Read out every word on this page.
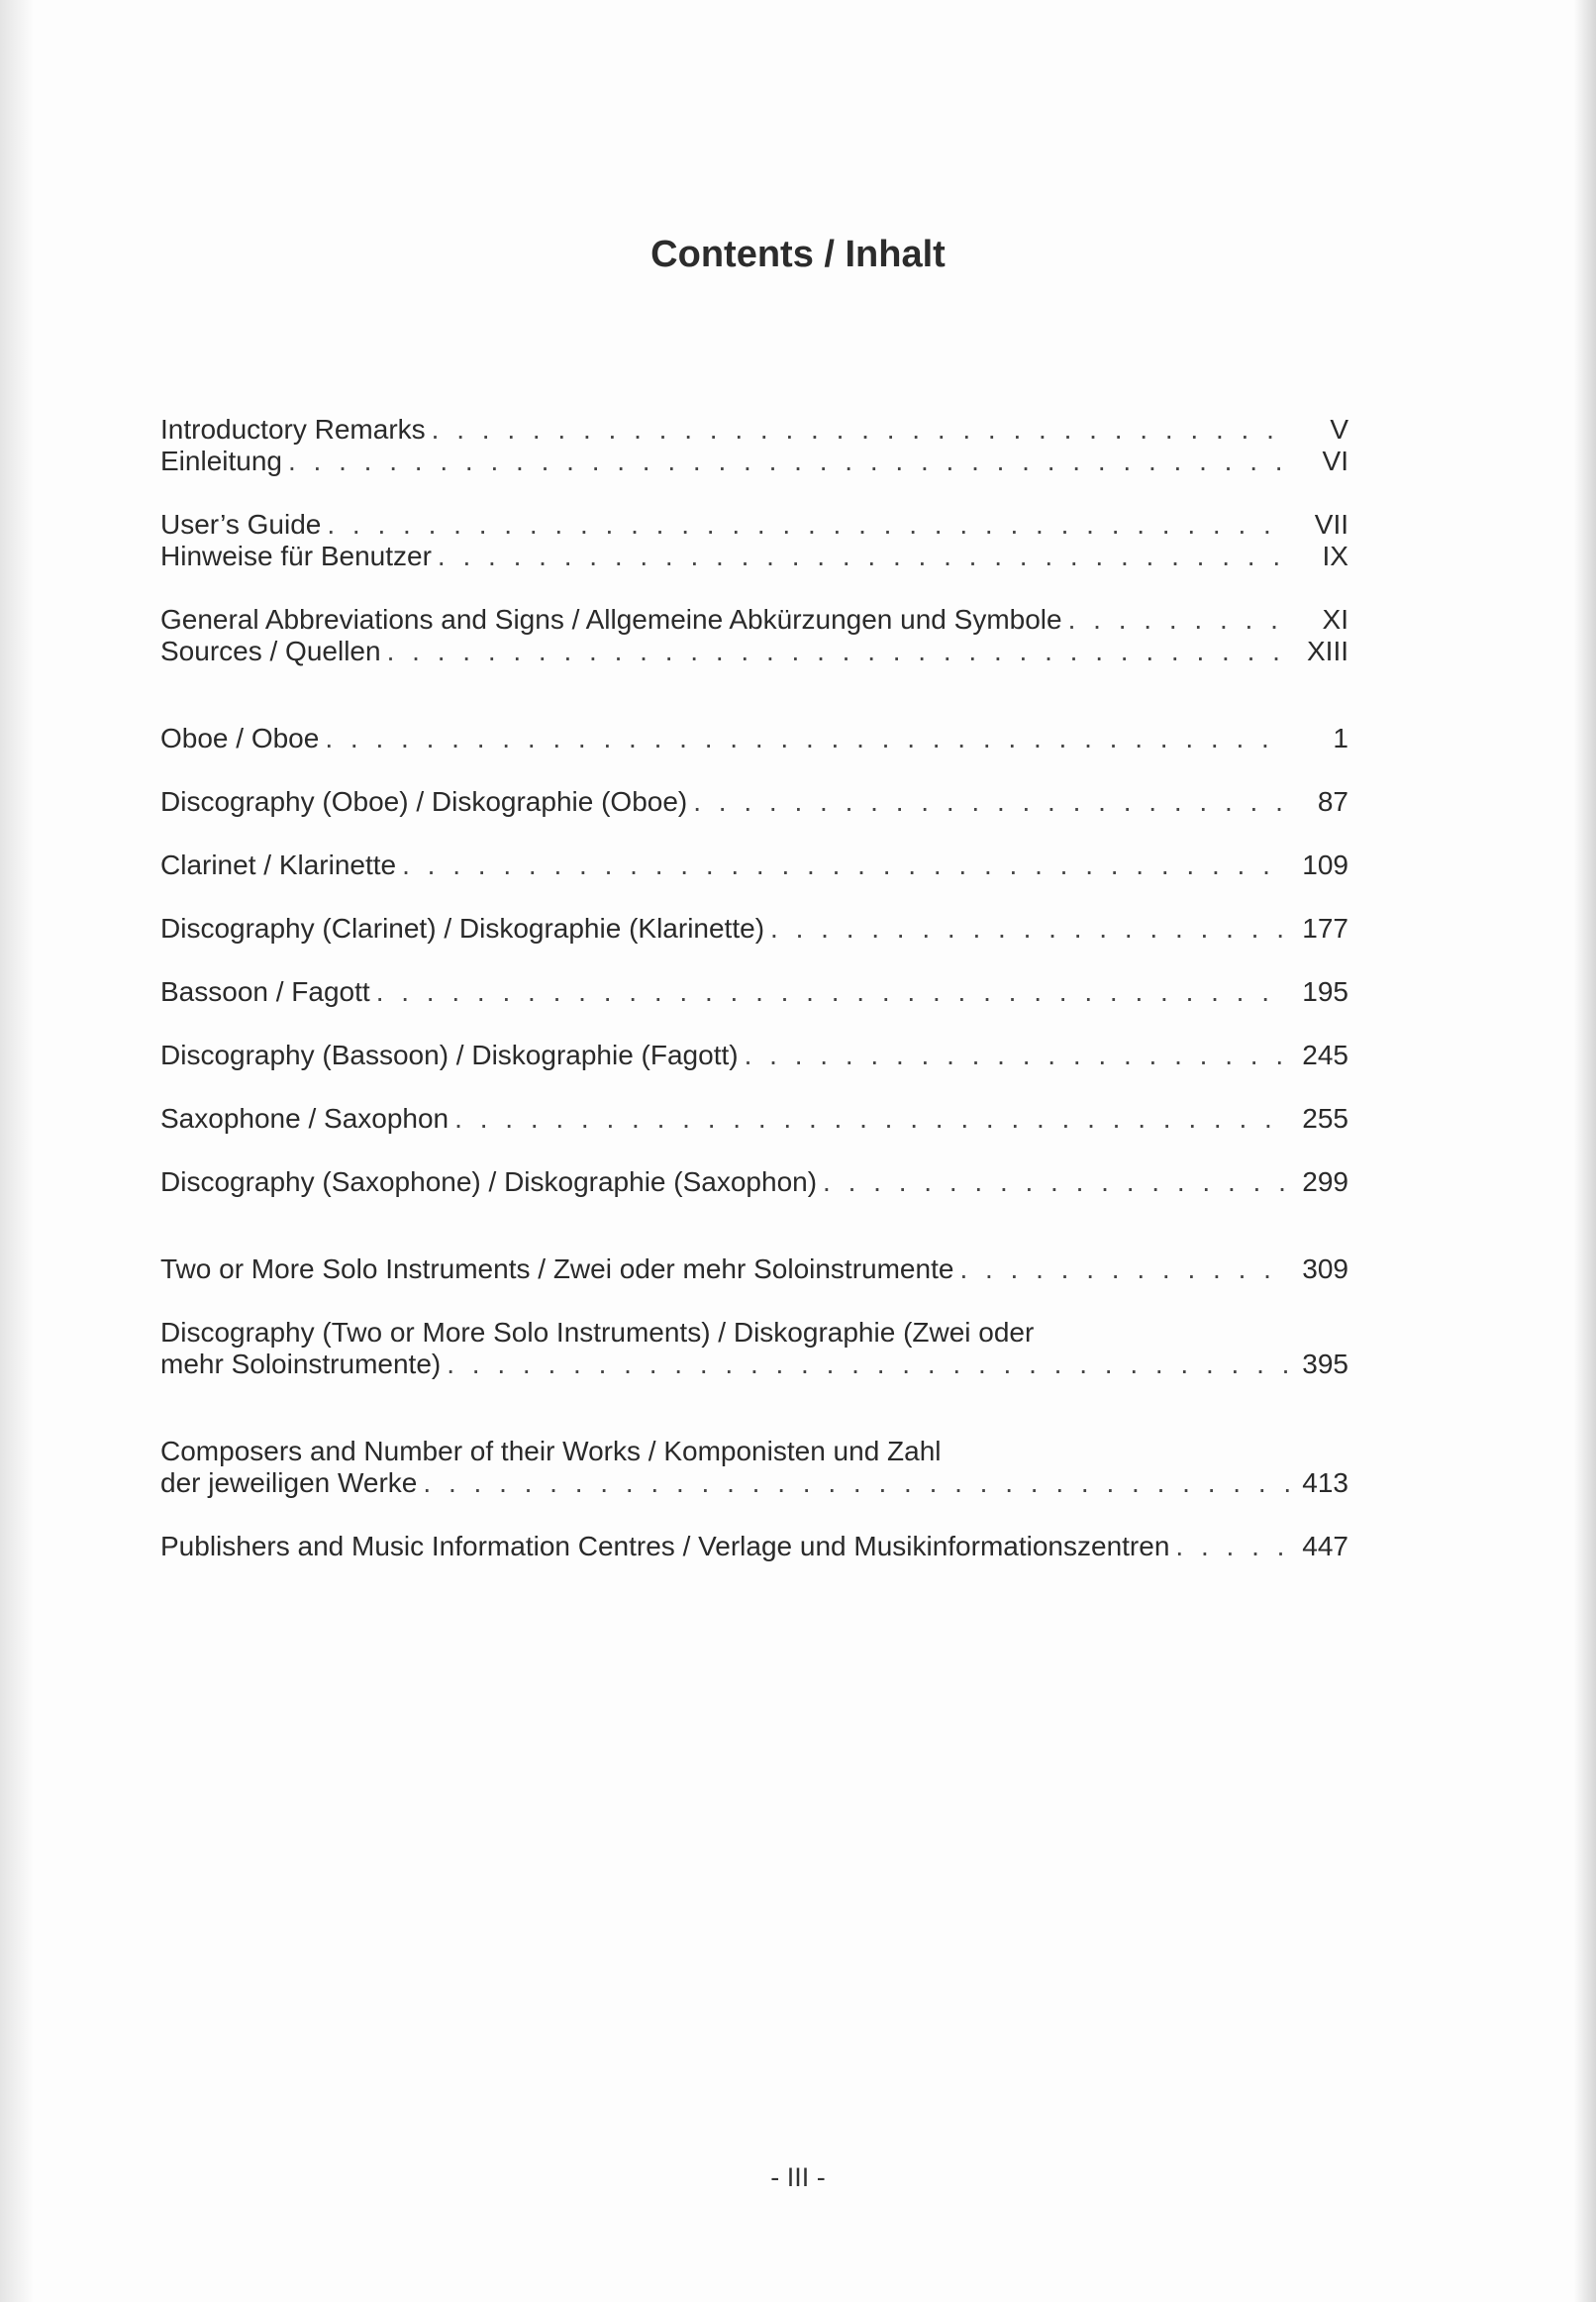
Contents / Inhalt
Introductory Remarks . . .	V
Einleitung . . .	VI
User’s Guide . . .	VII
Hinweise für Benutzer . . .	IX
General Abbreviations and Signs / Allgemeine Abkürzungen und Symbole . . .	XI
Sources / Quellen . . .	XIII
Oboe / Oboe . . .	1
Discography (Oboe) / Diskographie (Oboe) . . .	87
Clarinet / Klarinette . . .	109
Discography (Clarinet) / Diskographie (Klarinette) . . .	177
Bassoon / Fagott . . .	195
Discography (Bassoon) / Diskographie (Fagott) . . .	245
Saxophone / Saxophon . . .	255
Discography (Saxophone) / Diskographie (Saxophon) . . .	299
Two or More Solo Instruments / Zwei oder mehr Soloinstrumente . . .	309
Discography (Two or More Solo Instruments) / Diskographie (Zwei oder
mehr Soloinstrumente) . . .	395
Composers and Number of their Works / Komponisten und Zahl
der jeweiligen Werke . . .	413
Publishers and Music Information Centres / Verlage und Musikinformationszentren . . .	447
- III -
